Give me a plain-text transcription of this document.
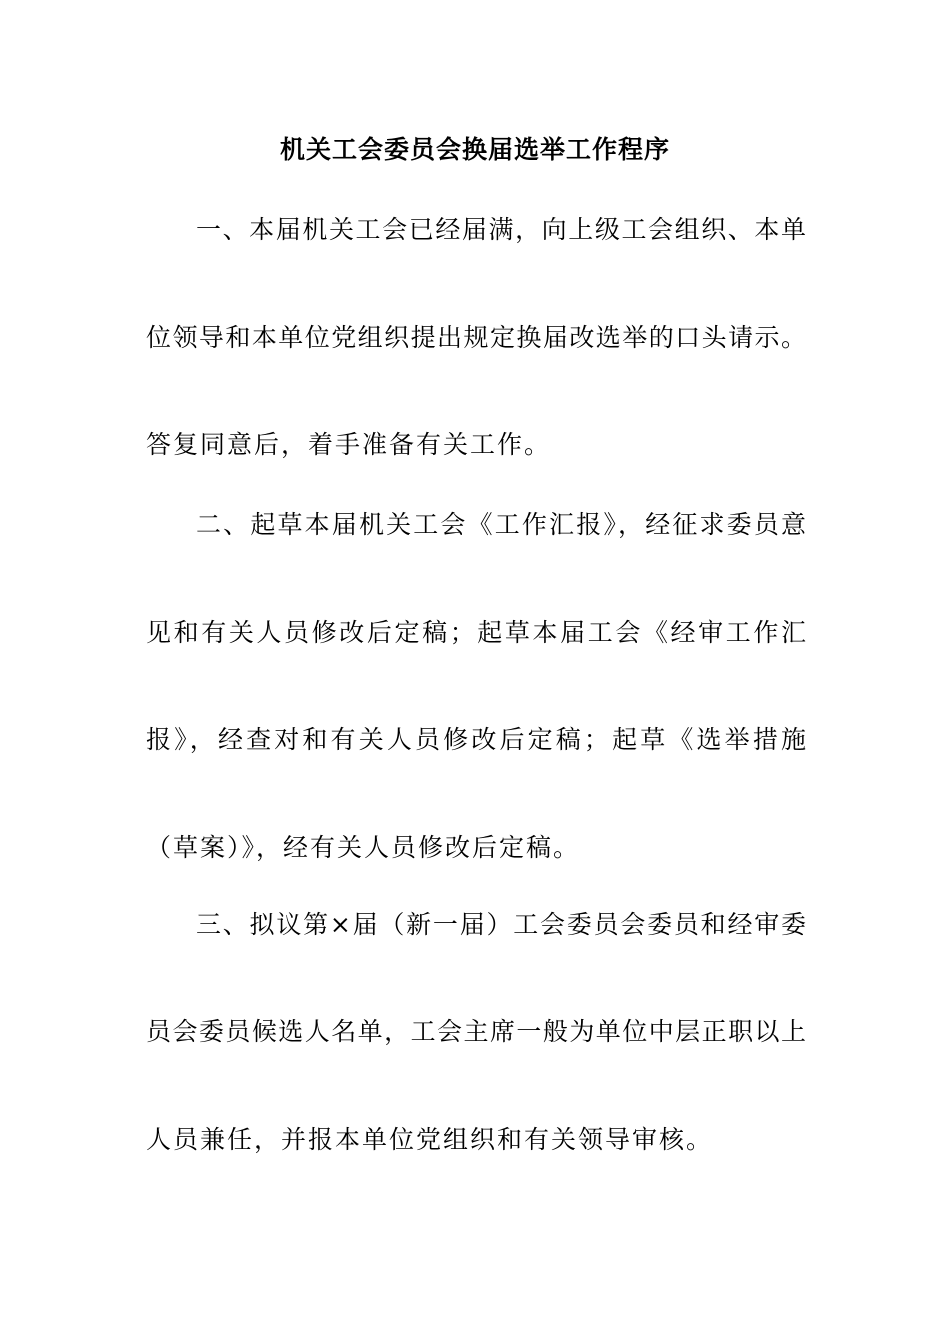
机关工会委员会换届选举工作程序
一、本届机关工会已经届满，向上级工会组织、本单
位领导和本单位党组织提出规定换届改选举的口头请示。
答复同意后，着手准备有关工作。
二、起草本届机关工会《工作汇报》，经征求委员意
见和有关人员修改后定稿；起草本届工会《经审工作汇
报》，经查对和有关人员修改后定稿；起草《选举措施
（草案）》，经有关人员修改后定稿。
三、拟议第×届（新一届）工会委员会委员和经审委
员会委员候选人名单，工会主席一般为单位中层正职以上
人员兼任，并报本单位党组织和有关领导审核。
